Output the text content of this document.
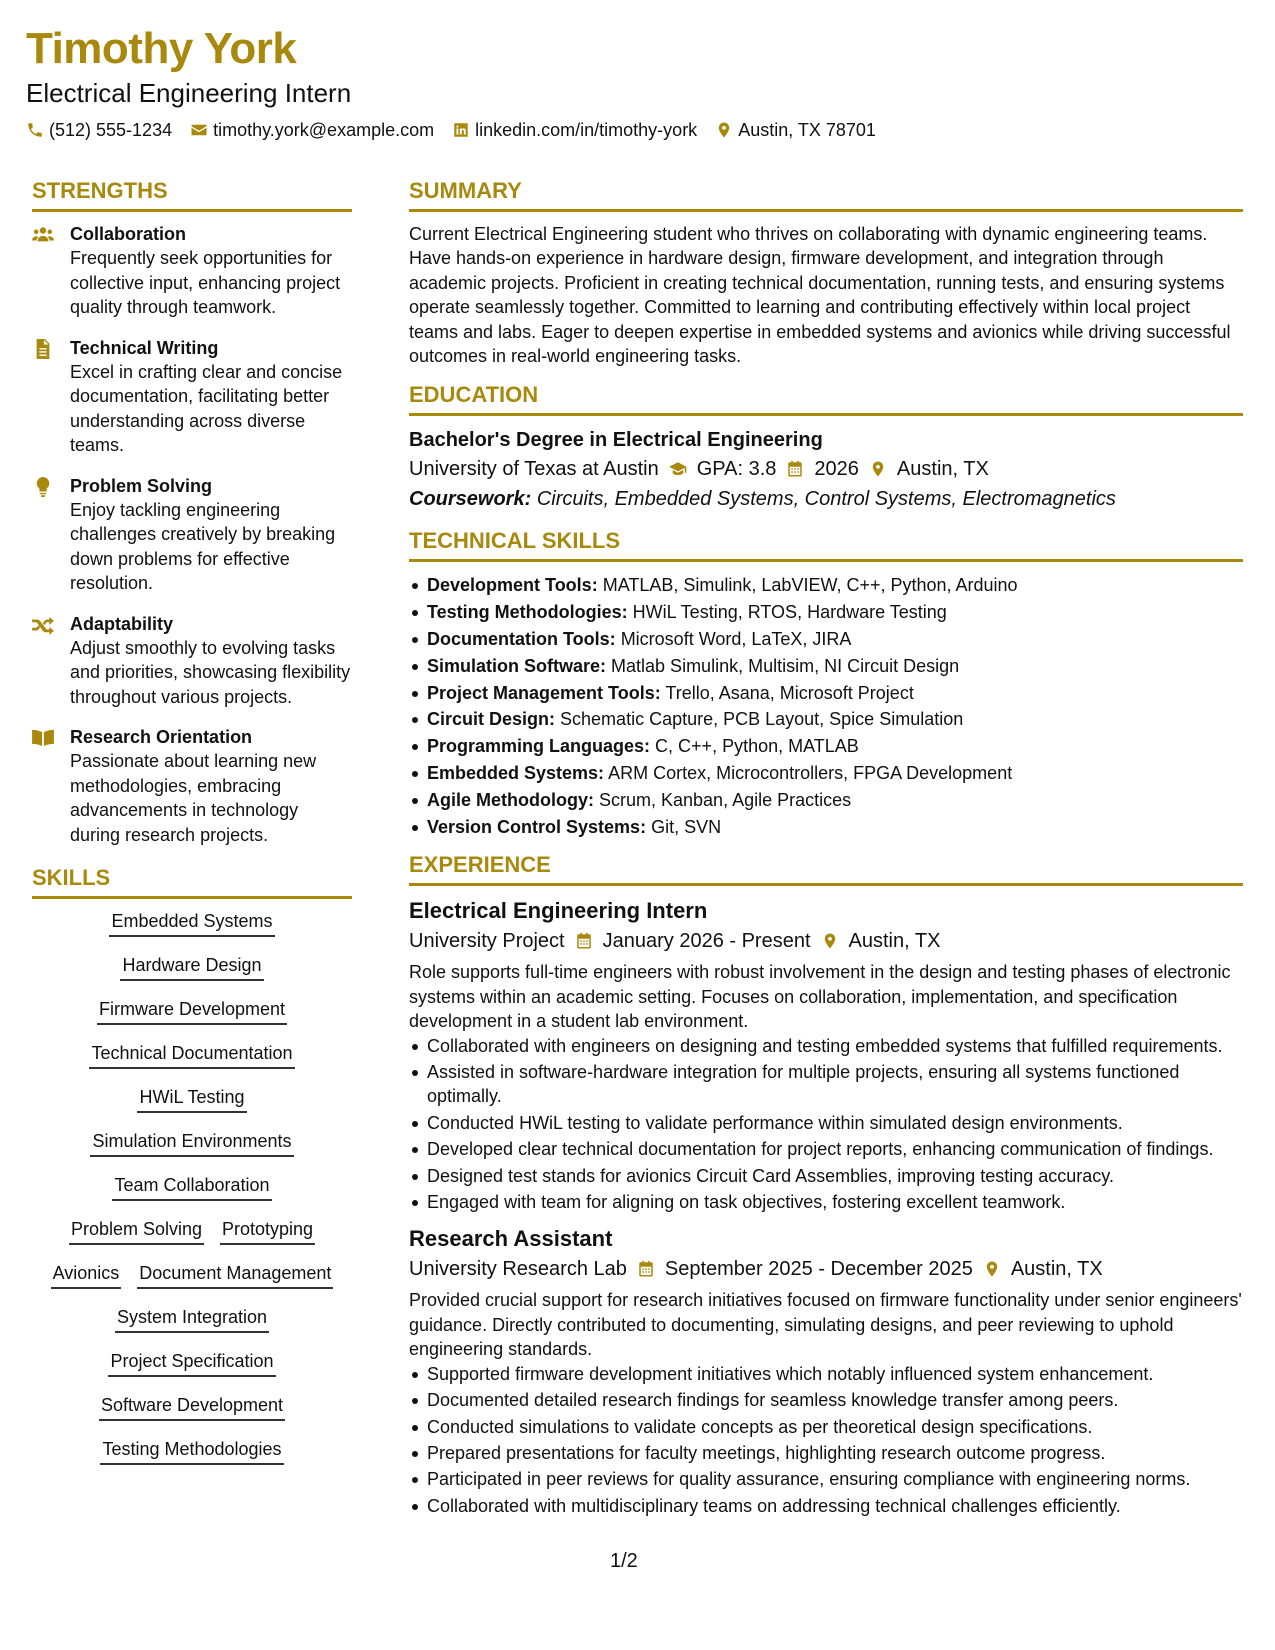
Timothy York
Electrical Engineering Intern
(512) 555-1234 timothy.york@example.com linkedin.com/in/timothy-york Austin, TX 78701
STRENGTHS
Collaboration
Frequently seek opportunities for collective input, enhancing project quality through teamwork.
Technical Writing
Excel in crafting clear and concise documentation, facilitating better understanding across diverse teams.
Problem Solving
Enjoy tackling engineering challenges creatively by breaking down problems for effective resolution.
Adaptability
Adjust smoothly to evolving tasks and priorities, showcasing flexibility throughout various projects.
Research Orientation
Passionate about learning new methodologies, embracing advancements in technology during research projects.
SKILLS
Embedded Systems
Hardware Design
Firmware Development
Technical Documentation
HWiL Testing
Simulation Environments
Team Collaboration
Problem Solving Prototyping
Avionics Document Management
System Integration
Project Specification
Software Development
Testing Methodologies
SUMMARY
Current Electrical Engineering student who thrives on collaborating with dynamic engineering teams. Have hands-on experience in hardware design, firmware development, and integration through academic projects. Proficient in creating technical documentation, running tests, and ensuring systems operate seamlessly together. Committed to learning and contributing effectively within local project teams and labs. Eager to deepen expertise in embedded systems and avionics while driving successful outcomes in real-world engineering tasks.
EDUCATION
Bachelor's Degree in Electrical Engineering
University of Texas at Austin GPA: 3.8 2026 Austin, TX
Coursework: Circuits, Embedded Systems, Control Systems, Electromagnetics
TECHNICAL SKILLS
Development Tools: MATLAB, Simulink, LabVIEW, C++, Python, Arduino
Testing Methodologies: HWiL Testing, RTOS, Hardware Testing
Documentation Tools: Microsoft Word, LaTeX, JIRA
Simulation Software: Matlab Simulink, Multisim, NI Circuit Design
Project Management Tools: Trello, Asana, Microsoft Project
Circuit Design: Schematic Capture, PCB Layout, Spice Simulation
Programming Languages: C, C++, Python, MATLAB
Embedded Systems: ARM Cortex, Microcontrollers, FPGA Development
Agile Methodology: Scrum, Kanban, Agile Practices
Version Control Systems: Git, SVN
EXPERIENCE
Electrical Engineering Intern
University Project January 2026 - Present Austin, TX
Role supports full-time engineers with robust involvement in the design and testing phases of electronic systems within an academic setting. Focuses on collaboration, implementation, and specification development in a student lab environment.
Collaborated with engineers on designing and testing embedded systems that fulfilled requirements.
Assisted in software-hardware integration for multiple projects, ensuring all systems functioned optimally.
Conducted HWiL testing to validate performance within simulated design environments.
Developed clear technical documentation for project reports, enhancing communication of findings.
Designed test stands for avionics Circuit Card Assemblies, improving testing accuracy.
Engaged with team for aligning on task objectives, fostering excellent teamwork.
Research Assistant
University Research Lab September 2025 - December 2025 Austin, TX
Provided crucial support for research initiatives focused on firmware functionality under senior engineers' guidance. Directly contributed to documenting, simulating designs, and peer reviewing to uphold engineering standards.
Supported firmware development initiatives which notably influenced system enhancement.
Documented detailed research findings for seamless knowledge transfer among peers.
Conducted simulations to validate concepts as per theoretical design specifications.
Prepared presentations for faculty meetings, highlighting research outcome progress.
Participated in peer reviews for quality assurance, ensuring compliance with engineering norms.
Collaborated with multidisciplinary teams on addressing technical challenges efficiently.
1/2
